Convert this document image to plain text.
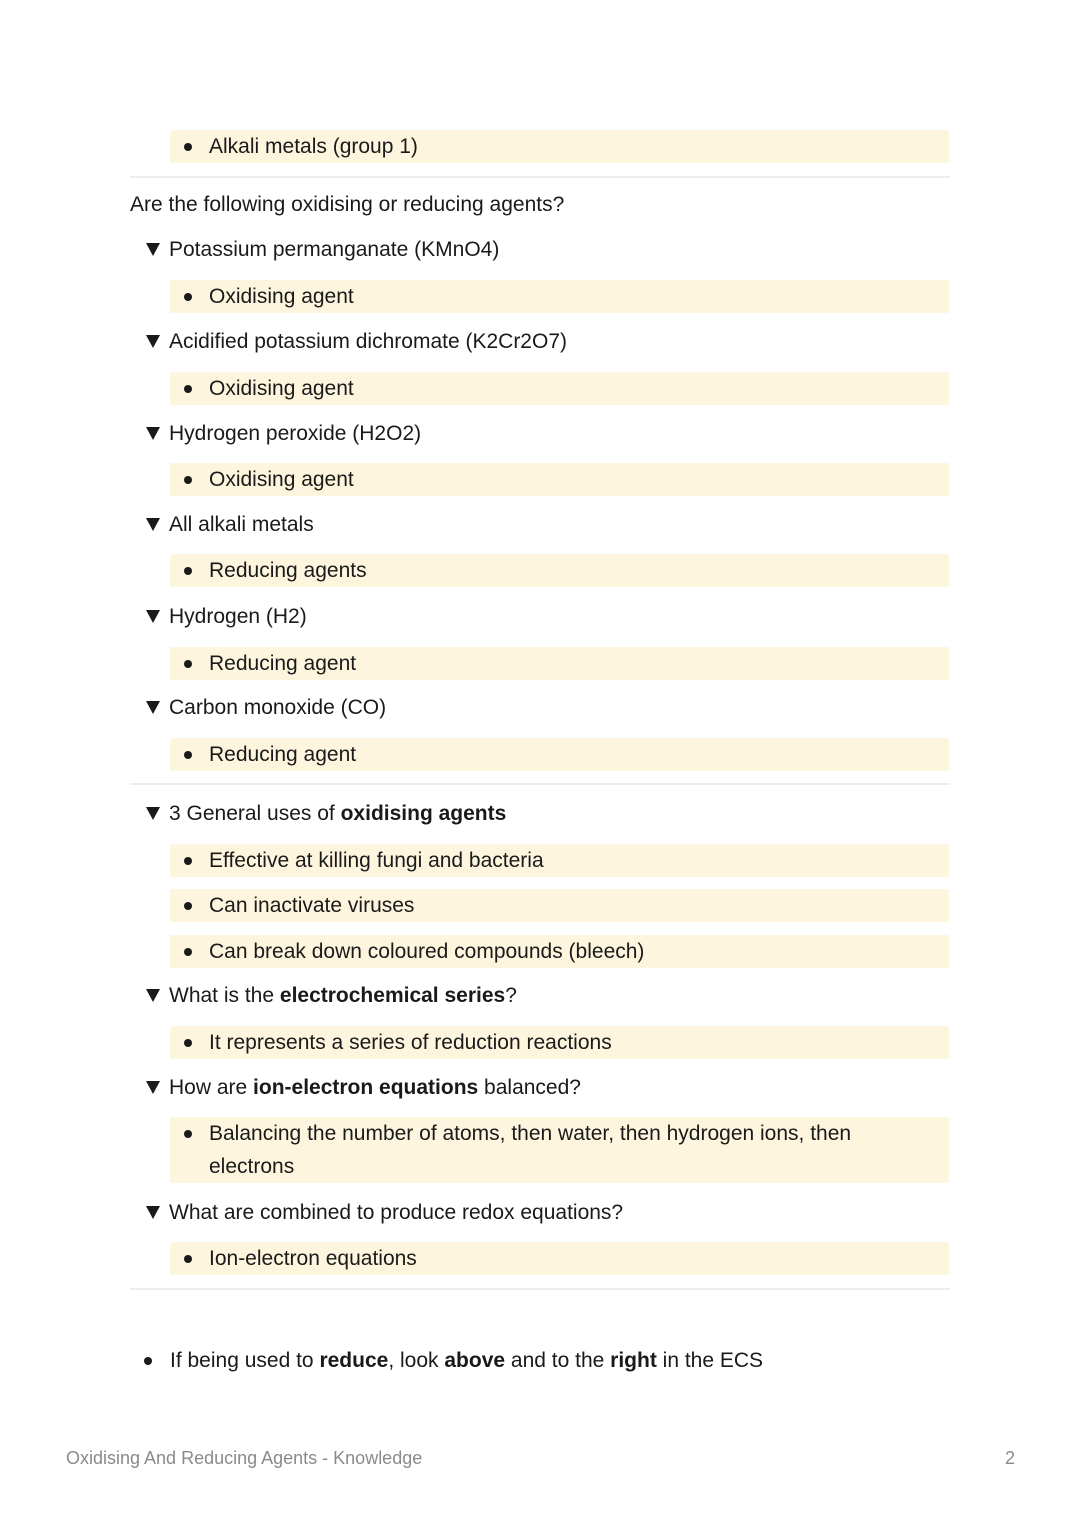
Alkali metals (group 1)
Are the following oxidising or reducing agents?
Potassium permanganate (KMnO4)
Oxidising agent
Acidified potassium dichromate (K2Cr2O7)
Oxidising agent
Hydrogen peroxide (H2O2)
Oxidising agent
All alkali metals
Reducing agents
Hydrogen (H2)
Reducing agent
Carbon monoxide (CO)
Reducing agent
3 General uses of oxidising agents
Effective at killing fungi and bacteria
Can inactivate viruses
Can break down coloured compounds (bleech)
What is the electrochemical series?
It represents a series of reduction reactions
How are ion-electron equations balanced?
Balancing the number of atoms, then water, then hydrogen ions, then
electrons
What are combined to produce redox equations?
Ion-electron equations
If being used to reduce, look above and to the right in the ECS
Oxidising And Reducing Agents - Knowledge	2
